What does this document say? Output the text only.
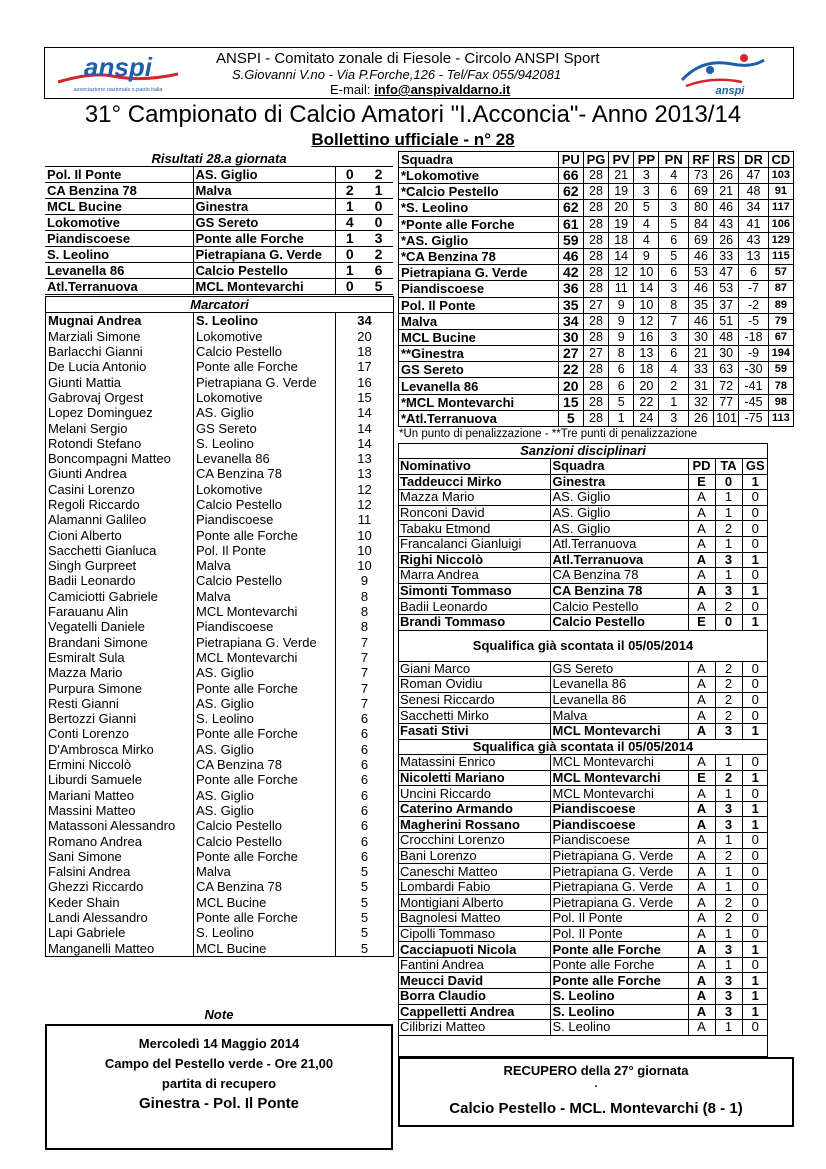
anspi
associazione nazionale s.paolo italia	anspi
ANSPI - Comitato zonale di Fiesole - Circolo ANSPI Sport
S.Giovanni V.no - Via P.Forche,126 - Tel/Fax 055/942081
E-mail: info@anspivaldarno.it
31° Campionato di Calcio Amatori "I.Acconcia"- Anno 2013/14
Bollettino ufficiale - n° 28
Risultati 28.a giornata			
Pol. Il Ponte	AS. Giglio	0	2
CA Benzina 78	Malva	2	1
MCL Bucine	Ginestra	1	0
Lokomotive	GS Sereto	4	0
Piandiscoese	Ponte alle Forche	1	3
S. Leolino	Pietrapiana G. Verde	0	2
Levanella 86	Calcio Pestello	1	6
Atl.Terranuova	MCL Montevarchi	0	5
Marcatori		
Mugnai Andrea	S. Leolino	34
Marziali Simone	Lokomotive	20
Barlacchi Gianni	Calcio Pestello	18
De Lucia Antonio	Ponte alle Forche	17
Giunti Mattia	Pietrapiana G. Verde	16
Gabrovaj Orgest	Lokomotive	15
Lopez Dominguez	AS. Giglio	14
Melani Sergio	GS Sereto	14
Rotondi Stefano	S. Leolino	14
Boncompagni Matteo	Levanella 86	13
Giunti Andrea	CA Benzina 78	13
Casini Lorenzo	Lokomotive	12
Regoli Riccardo	Calcio Pestello	12
Alamanni Galileo	Piandiscoese	11
Cioni Alberto	Ponte alle Forche	10
Sacchetti Gianluca	Pol. Il Ponte	10
Singh Gurpreet	Malva	10
Badii Leonardo	Calcio Pestello	9
Camiciotti Gabriele	Malva	8
Farauanu Alin	MCL Montevarchi	8
Vegatelli Daniele	Piandiscoese	8
Brandani Simone	Pietrapiana G. Verde	7
Esmiralt Sula	MCL Montevarchi	7
Mazza Mario	AS. Giglio	7
Purpura Simone	Ponte alle Forche	7
Resti Gianni	AS. Giglio	7
Bertozzi Gianni	S. Leolino	6
Conti Lorenzo	Ponte alle Forche	6
D'Ambrosca Mirko	AS. Giglio	6
Ermini Niccolò	CA Benzina 78	6
Liburdi Samuele	Ponte alle Forche	6
Mariani Matteo	AS. Giglio	6
Massini Matteo	AS. Giglio	6
Matassoni Alessandro	Calcio Pestello	6
Romano Andrea	Calcio Pestello	6
Sani Simone	Ponte alle Forche	6
Falsini Andrea	Malva	5
Ghezzi Riccardo	CA Benzina 78	5
Keder Shain	MCL Bucine	5
Landi Alessandro	Ponte alle Forche	5
Lapi Gabriele	S. Leolino	5
Manganelli Matteo	MCL Bucine	5
Squadra	PU	PG	PV	PP	PN	RF	RS	DR	CD
*Lokomotive	66	28	21	3	4	73	26	47	103
*Calcio Pestello	62	28	19	3	6	69	21	48	91
*S. Leolino	62	28	20	5	3	80	46	34	117
*Ponte alle Forche	61	28	19	4	5	84	43	41	106
*AS. Giglio	59	28	18	4	6	69	26	43	129
*CA Benzina 78	46	28	14	9	5	46	33	13	115
Pietrapiana G. Verde	42	28	12	10	6	53	47	6	57
Piandiscoese	36	28	11	14	3	46	53	-7	87
Pol. Il Ponte	35	27	9	10	8	35	37	-2	89
Malva	34	28	9	12	7	46	51	-5	79
MCL Bucine	30	28	9	16	3	30	48	-18	67
**Ginestra	27	27	8	13	6	21	30	-9	194
GS Sereto	22	28	6	18	4	33	63	-30	59
Levanella 86	20	28	6	20	2	31	72	-41	78
*MCL Montevarchi	15	28	5	22	1	32	77	-45	98
*Atl.Terranuova	5	28	1	24	3	26	101	-75	113
*Un punto di penalizzazione - **Tre punti di penalizzazione
Sanzioni disciplinari
Nominativo	Squadra	PD	TA	GS
Taddeucci Mirko	Ginestra	E	0	1
Mazza Mario	AS. Giglio	A	1	0
Ronconi David	AS. Giglio	A	1	0
Tabaku Etmond	AS. Giglio	A	2	0
Francalanci Gianluigi	Atl.Terranuova	A	1	0
Righi Niccolò	Atl.Terranuova	A	3	1
Marra Andrea	CA Benzina 78	A	1	0
Simonti Tommaso	CA Benzina 78	A	3	1
Badii Leonardo	Calcio Pestello	A	2	0
Brandi Tommaso	Calcio Pestello	E	0	1
Squalifica già scontata il 05/05/2014				
Giani Marco	GS Sereto	A	2	0
Roman Ovidiu	Levanella 86	A	2	0
Senesi Riccardo	Levanella 86	A	2	0
Sacchetti Mirko	Malva	A	2	0
Fasati Stivi	MCL Montevarchi	A	3	1
Squalifica già scontata il 05/05/2014				
Matassini Enrico	MCL Montevarchi	A	1	0
Nicoletti Mariano	MCL Montevarchi	E	2	1
Uncini Riccardo	MCL Montevarchi	A	1	0
Caterino Armando	Piandiscoese	A	3	1
Magherini Rossano	Piandiscoese	A	3	1
Crocchini Lorenzo	Piandiscoese	A	1	0
Bani Lorenzo	Pietrapiana G. Verde	A	2	0
Caneschi Matteo	Pietrapiana G. Verde	A	1	0
Lombardi Fabio	Pietrapiana G. Verde	A	1	0
Montigiani Alberto	Pietrapiana G. Verde	A	2	0
Bagnolesi Matteo	Pol. Il Ponte	A	2	0
Cipolli Tommaso	Pol. Il Ponte	A	1	0
Cacciapuoti Nicola	Ponte alle Forche	A	3	1
Fantini Andrea	Ponte alle Forche	A	1	0
Meucci David	Ponte alle Forche	A	3	1
Borra Claudio	S. Leolino	A	3	1
Cappelletti Andrea	S. Leolino	A	3	1
Cilibrizi Matteo	S. Leolino	A	1	0
Note
Mercoledì 14 Maggio 2014
Campo del Pestello verde - Ore 21,00
partita di recupero
Ginestra - Pol. Il Ponte
RECUPERO della 27° giornata
.
Calcio Pestello - MCL. Montevarchi (8 - 1)
